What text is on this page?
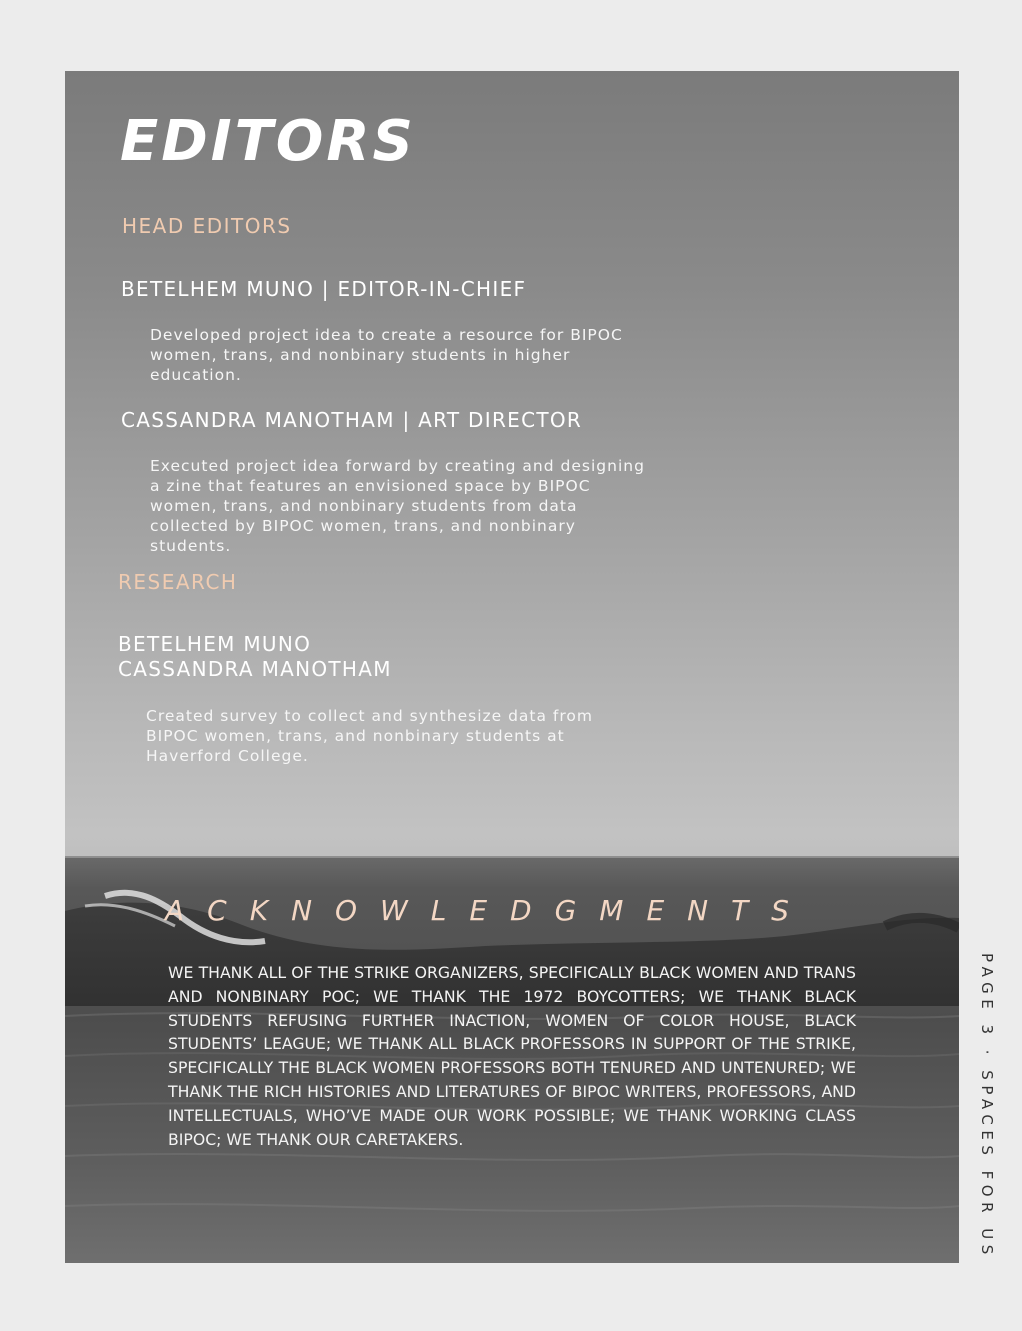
EDITORS
HEAD EDITORS
BETELHEM MUNO | EDITOR-IN-CHIEF

Developed project idea to create a resource for BIPOC women, trans, and nonbinary students in higher education.

CASSANDRA MANOTHAM | ART DIRECTOR

Executed project idea forward by creating and designing a zine that features an envisioned space by BIPOC women, trans, and nonbinary students from data collected by BIPOC women, trans, and nonbinary students.

RESEARCH
BETELHEM MUNO
CASSANDRA MANOTHAM

Created survey to collect and synthesize data from BIPOC women, trans, and nonbinary students at Haverford College.

ACKNOWLEDGMENTS

WE THANK ALL OF THE STRIKE ORGANIZERS, SPECIFICALLY BLACK WOMEN AND TRANS AND NONBINARY POC; WE THANK THE 1972 BOYCOTTERS; WE THANK BLACK STUDENTS REFUSING FURTHER INACTION, WOMEN OF COLOR HOUSE, BLACK STUDENTS’ LEAGUE; WE THANK ALL BLACK PROFESSORS IN SUPPORT OF THE STRIKE, SPECIFICALLY THE BLACK WOMEN PROFESSORS BOTH TENURED AND UNTENURED; WE THANK THE RICH HISTORIES AND LITERATURES OF BIPOC WRITERS, PROFESSORS, AND INTELLECTUALS, WHO’VE MADE OUR WORK POSSIBLE; WE THANK WORKING CLASS BIPOC; WE THANK OUR CARETAKERS.	PAGE 3 · SPACES FOR US
